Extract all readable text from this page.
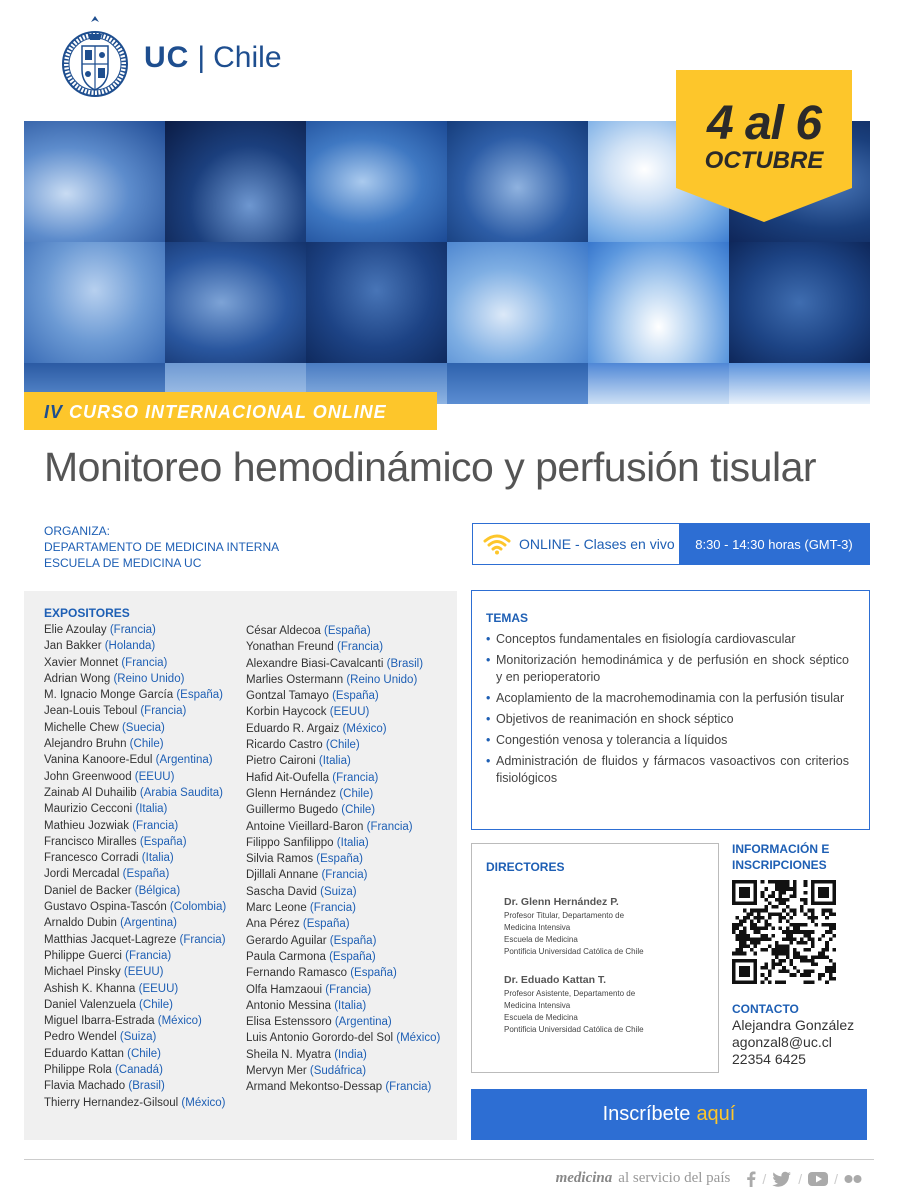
UC | Chile
4 al 6
OCTUBRE
IV CURSO INTERNACIONAL ONLINE
Monitoreo hemodinámico y perfusión tisular
ORGANIZA:
DEPARTAMENTO DE MEDICINA INTERNA
ESCUELA DE MEDICINA UC
ONLINE - Clases en vivo	8:30 - 14:30 horas (GMT-3)
EXPOSITORES
Elie Azoulay (Francia)
Jan Bakker (Holanda)
Xavier Monnet (Francia)
Adrian Wong (Reino Unido)
M. Ignacio Monge García (España)
Jean-Louis Teboul (Francia)
Michelle Chew (Suecia)
Alejandro Bruhn (Chile)
Vanina Kanoore-Edul (Argentina)
John Greenwood (EEUU)
Zainab Al Duhailib (Arabia Saudita)
Maurizio Cecconi (Italia)
Mathieu Jozwiak (Francia)
Francisco Miralles (España)
Francesco Corradi (Italia)
Jordi Mercadal (España)
Daniel de Backer (Bélgica)
Gustavo Ospina-Tascón (Colombia)
Arnaldo Dubin (Argentina)
Matthias Jacquet-Lagreze (Francia)
Philippe Guerci (Francia)
Michael Pinsky (EEUU)
Ashish K. Khanna (EEUU)
Daniel Valenzuela (Chile)
Miguel Ibarra-Estrada (México)
Pedro Wendel (Suiza)
Eduardo Kattan (Chile)
Philippe Rola (Canadá)
Flavia Machado (Brasil)
Thierry Hernandez-Gilsoul (México)
César Aldecoa (España)
Yonathan Freund (Francia)
Alexandre Biasi-Cavalcanti (Brasil)
Marlies Ostermann (Reino Unido)
Gontzal Tamayo (España)
Korbin Haycock (EEUU)
Eduardo R. Argaiz (México)
Ricardo Castro (Chile)
Pietro Caironi (Italia)
Hafid Ait-Oufella (Francia)
Glenn Hernández (Chile)
Guillermo Bugedo (Chile)
Antoine Vieillard-Baron (Francia)
Filippo Sanfilippo (Italia)
Silvia Ramos (España)
Djillali Annane (Francia)
Sascha David (Suiza)
Marc Leone (Francia)
Ana Pérez (España)
Gerardo Aguilar (España)
Paula Carmona (España)
Fernando Ramasco (España)
Olfa Hamzaoui (Francia)
Antonio Messina (Italia)
Elisa Estenssoro (Argentina)
Luis Antonio Gorordo-del Sol (México)
Sheila N. Myatra (India)
Mervyn Mer (Sudáfrica)
Armand Mekontso-Dessap (Francia)
TEMAS
• Conceptos fundamentales en fisiología cardiovascular
• Monitorización hemodinámica y de perfusión en shock séptico y en perioperatorio
• Acoplamiento de la macrohemodinamia con la perfusión tisular
• Objetivos de reanimación en shock séptico
• Congestión venosa y tolerancia a líquidos
• Administración de fluidos y fármacos vasoactivos con criterios fisiológicos
DIRECTORES
Dr. Glenn Hernández P.
Profesor Titular, Departamento de
Medicina Intensiva
Escuela de Medicina
Pontificia Universidad Católica de Chile
Dr. Eduado Kattan T.
Profesor Asistente, Departamento de
Medicina Intensiva
Escuela de Medicina
Pontificia Universidad Católica de Chile
INFORMACIÓN E
INSCRIPCIONES
CONTACTO
Alejandra González
agonzal8@uc.cl
22354 6425
Inscríbete aquí
medicina al servicio del país / / /
